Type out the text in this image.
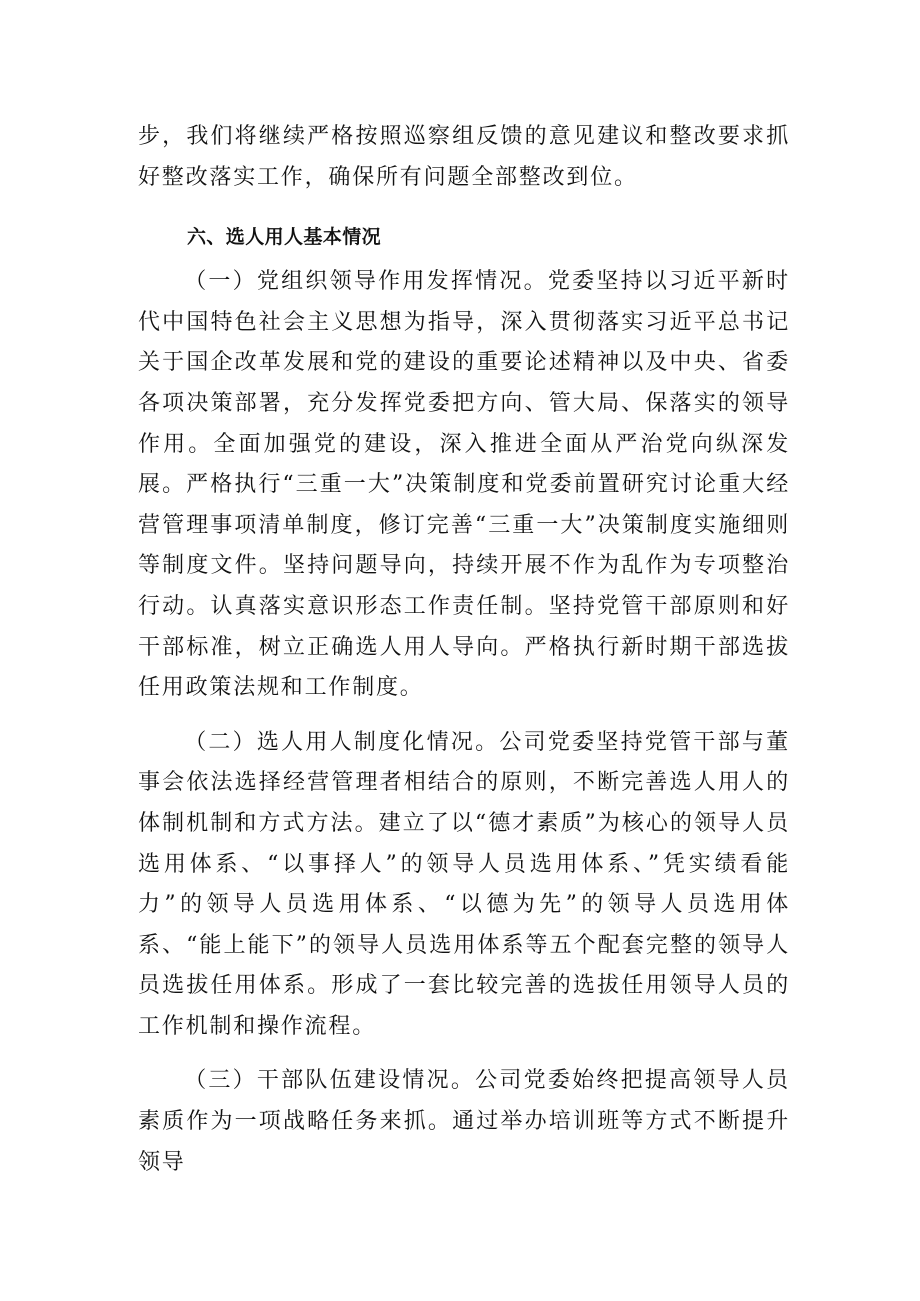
步，我们将继续严格按照巡察组反馈的意见建议和整改要求抓好整改落实工作，确保所有问题全部整改到位。

六、选人用人基本情况

（一）党组织领导作用发挥情况。党委坚持以习近平新时代中国特色社会主义思想为指导，深入贯彻落实习近平总书记关于国企改革发展和党的建设的重要论述精神以及中央、省委各项决策部署，充分发挥党委把方向、管大局、保落实的领导作用。全面加强党的建设，深入推进全面从严治党向纵深发展。严格执行“三重一大”决策制度和党委前置研究讨论重大经营管理事项清单制度，修订完善“三重一大”决策制度实施细则等制度文件。坚持问题导向，持续开展不作为乱作为专项整治行动。认真落实意识形态工作责任制。坚持党管干部原则和好干部标准，树立正确选人用人导向。严格执行新时期干部选拔任用政策法规和工作制度。

（二）选人用人制度化情况。公司党委坚持党管干部与董事会依法选择经营管理者相结合的原则，不断完善选人用人的体制机制和方式方法。建立了以“德才素质”为核心的领导人员选用体系、“以事择人”的领导人员选用体系、”凭实绩看能力”的领导人员选用体系、“以德为先”的领导人员选用体系、“能上能下”的领导人员选用体系等五个配套完整的领导人员选拔任用体系。形成了一套比较完善的选拔任用领导人员的工作机制和操作流程。

（三）干部队伍建设情况。公司党委始终把提高领导人员素质作为一项战略任务来抓。通过举办培训班等方式不断提升领导
